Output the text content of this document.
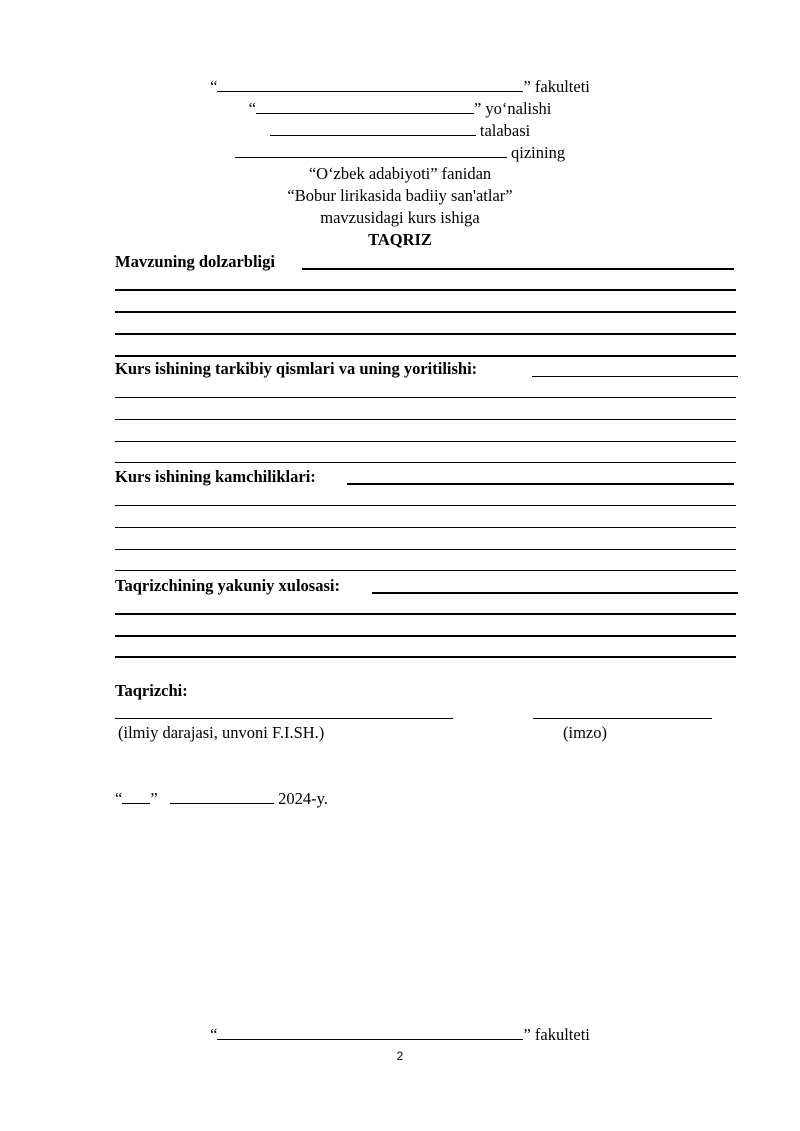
“	” fakulteti
“	” yo‘nalishi
talabasi
qizining
“O‘zbek adabiyoti” fanidan
“Bobur lirikasida badiiy san'atlar”
mavzusidagi kurs ishiga
TAQRIZ
Mavzuning dolzarbligi
Kurs ishining tarkibiy qismlari va uning yoritilishi:
Kurs ishining kamchiliklari:
Taqrizchining yakuniy xulosasi:
Taqrizchi:
(ilmiy darajasi, unvoni F.I.SH.)	(imzo)
“ ”	2024-y.
“	” fakulteti
2
